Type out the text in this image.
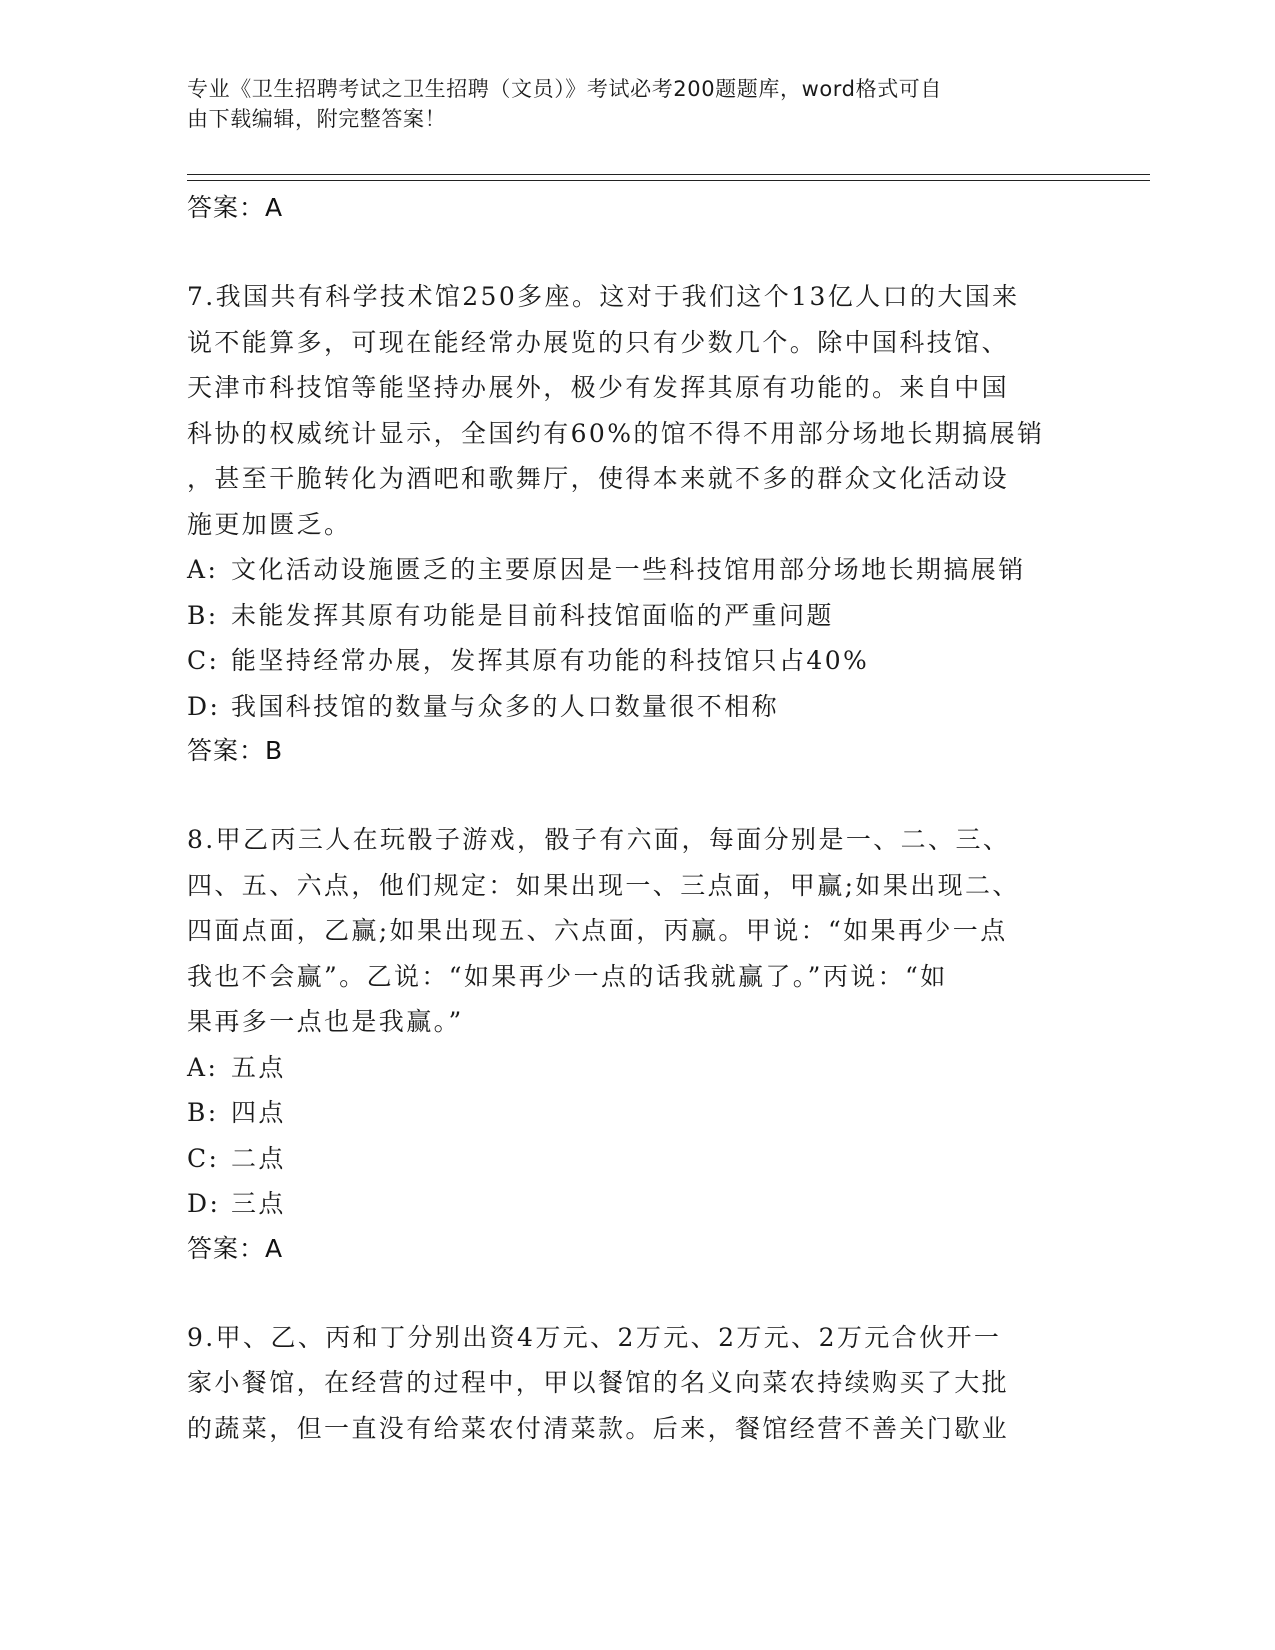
专业《卫生招聘考试之卫生招聘（文员）》考试必考200题题库，word格式可自
由下载编辑，附完整答案！
答案：A
7.我国共有科学技术馆250多座。这对于我们这个13亿人口的大国来
说不能算多，可现在能经常办展览的只有少数几个。除中国科技馆、
天津市科技馆等能坚持办展外，极少有发挥其原有功能的。来自中国
科协的权威统计显示，全国约有60%的馆不得不用部分场地长期搞展销
，甚至干脆转化为酒吧和歌舞厅，使得本来就不多的群众文化活动设
施更加匮乏。
A: 文化活动设施匮乏的主要原因是一些科技馆用部分场地长期搞展销
B: 未能发挥其原有功能是目前科技馆面临的严重问题
C: 能坚持经常办展，发挥其原有功能的科技馆只占40%
D: 我国科技馆的数量与众多的人口数量很不相称
答案：B
8.甲乙丙三人在玩骰子游戏，骰子有六面，每面分别是一、二、三、
四、五、六点，他们规定：如果出现一、三点面，甲赢;如果出现二、
四面点面，乙赢;如果出现五、六点面，丙赢。甲说：“如果再少一点
我也不会赢”。乙说：“如果再少一点的话我就赢了。”丙说：“如
果再多一点也是我赢。”
A: 五点
B: 四点
C: 二点
D: 三点
答案：A
9.甲、乙、丙和丁分别出资4万元、2万元、2万元、2万元合伙开一
家小餐馆，在经营的过程中，甲以餐馆的名义向菜农持续购买了大批
的蔬菜，但一直没有给菜农付清菜款。后来，餐馆经营不善关门歇业
